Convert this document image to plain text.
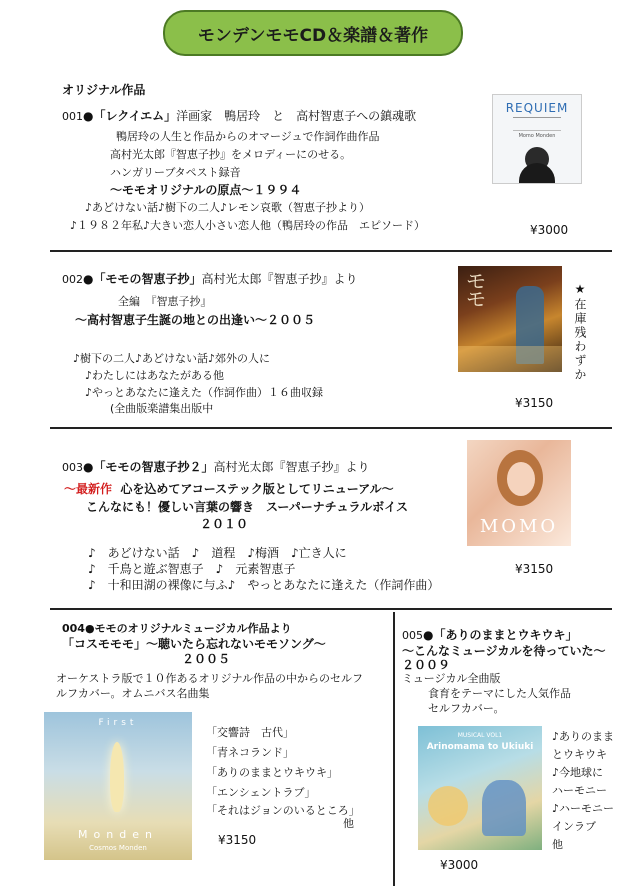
モンデンモモCD＆楽譜＆著作
オリジナル作品
001●「レクイエム」洋画家　鴨居玲　と　高村智恵子への鎮魂歌
鴨居玲の人生と作品からのオマージュで作詞作曲作品
高村光太郎『智恵子抄』をメロディーにのせる。
ハンガリーブタペスト録音
〜モモオリジナルの原点〜１９９４
♪あどけない話♪樹下の二人♪レモン哀歌（智恵子抄より）
♪１９８２年私♪大きい恋人小さい恋人他（鴨居玲の作品　エピソード）	¥3000
REQUIEM
Momo Monden
002●「モモの智恵子抄」高村光太郎『智恵子抄』より
全編　『智恵子抄』
〜高村智恵子生誕の地との出逢い〜２００５
♪樹下の二人♪あどけない話♪郊外の人に
♪わたしにはあなたがある他
♪やっとあなたに逢えた（作詞作曲）１６曲収録
(全曲版楽譜集出版中	¥3150
★在庫残わずか
モモ
003●「モモの智恵子抄２」高村光太郎『智恵子抄』より
〜最新作 心を込めてアコーステック版としてリニューアル〜
こんなにも！優しい言葉の響き　スーパーナチュラルボイス
２０１０
♪　あどけない話　♪　道程　♪梅酒　♪亡き人に
♪　千鳥と遊ぶ智恵子　♪　元素智恵子
♪　十和田湖の裸像に与ふ♪　やっとあなたに逢えた（作詞作曲）
¥3150
MOMO
004●モモのオリジナルミュージカル作品より
「コスモモモ」〜聴いたら忘れないモモソング〜
２００５
オーケストラ版で１０作あるオリジナル作品の中からのセルフ
ルフカバー。オムニバス名曲集
First
Monden
Cosmos Monden
「交響詩　古代」
「青ネコランド」
「ありのままとウキウキ」
「エンシェントラブ」
「それはジョンのいるところ」
他
¥3150
005●「ありのままとウキウキ」
〜こんなミュージカルを待っていた〜
２００９
ミュージカル全曲版
食育をテーマにした人気作品
セルフカバー。
MUSICAL VOL1
Arinomama to Ukiuki
♪ありのまま
とウキウキ
♪今地球に
ハーモニー
♪ハーモニー
インラブ
他
¥3000
